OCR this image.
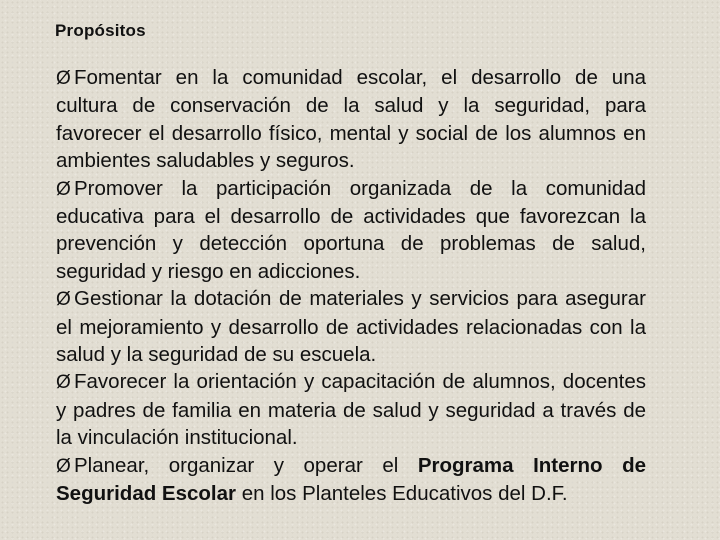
Propósitos

Ø Fomentar en la comunidad escolar, el desarrollo de una cultura de conservación de la salud y la seguridad, para favorecer el desarrollo físico, mental y social de los alumnos en ambientes saludables y seguros.

Ø Promover la participación organizada de la comunidad educativa para el desarrollo de actividades que favorezcan la prevención y detección oportuna de problemas de salud, seguridad y riesgo en adicciones.

Ø Gestionar la dotación de materiales y servicios para asegurar el mejoramiento y desarrollo de actividades relacionadas con la salud y la seguridad de su escuela.

Ø Favorecer la orientación y capacitación de alumnos, docentes y padres de familia en materia de salud y seguridad a través de la vinculación institucional.

Ø Planear, organizar y operar el Programa Interno de Seguridad Escolar en los Planteles Educativos del D.F.
